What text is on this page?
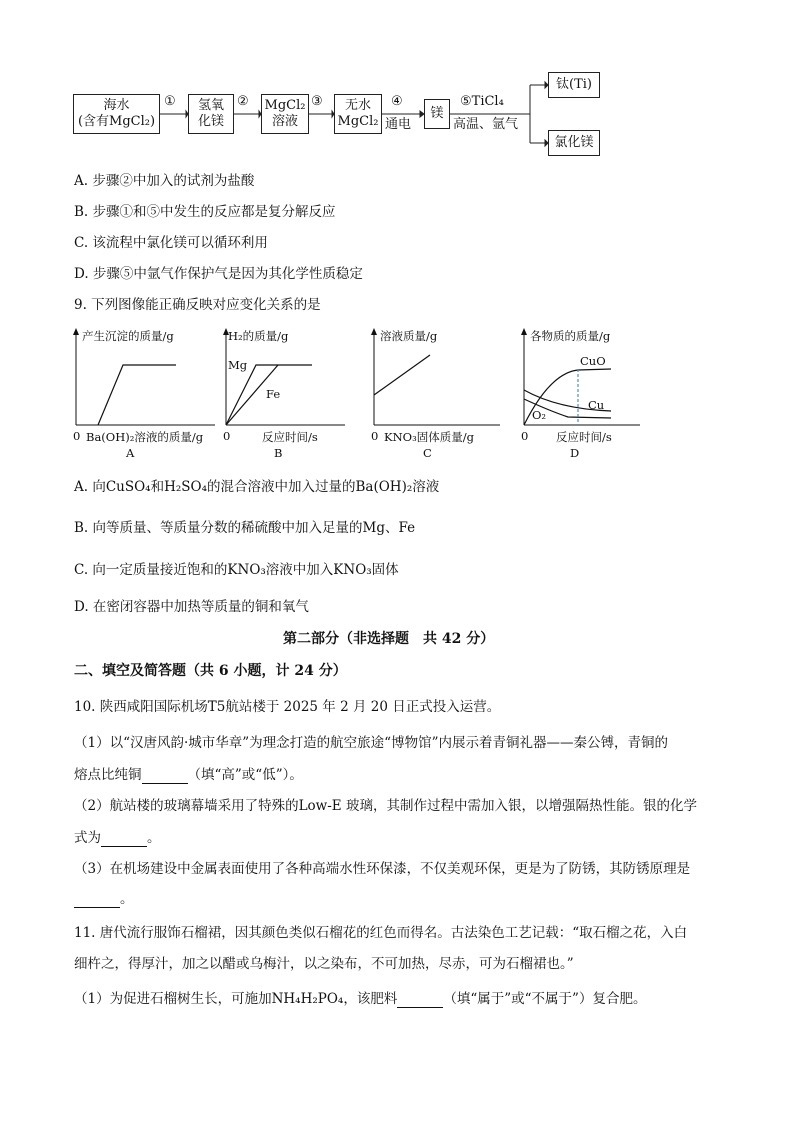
海水
(含有MgCl₂)
① 氢氧
化镁
② MgCl₂
溶液
③ 无水
MgCl₂
④
通电
镁
⑤TiCl₄
高温、氩气
钛(Ti)
氯化镁
A. 步骤②中加入的试剂为盐酸
B. 步骤①和⑤中发生的反应都是复分解反应
C. 该流程中氯化镁可以循环利用
D. 步骤⑤中氩气作保护气是因为其化学性质稳定
9. 下列图像能正确反映对应变化关系的是
产生沉淀的质量/g
0 Ba(OH)₂溶液的质量/g
A
H₂的质量/g
Mg
Fe
0	反应时间/s
B
溶液质量/g
0 KNO₃固体质量/g
C
各物质的质量/g
CuO
Cu
O₂
0 反应时间/s
D
A. 向CuSO₄和H₂SO₄的混合溶液中加入过量的Ba(OH)₂溶液
B. 向等质量、等质量分数的稀硫酸中加入足量的Mg、Fe
C. 向一定质量接近饱和的KNO₃溶液中加入KNO₃固体
D. 在密闭容器中加热等质量的铜和氧气
第二部分（非选择题　共 42 分）
二、填空及简答题（共 6 小题，计 24 分）
10. 陕西咸阳国际机场T5航站楼于 2025 年 2 月 20 日正式投入运营。
（1）以“汉唐风韵·城市华章”为理念打造的航空旅途“博物馆”内展示着青铜礼器——秦公镈，青铜的
熔点比纯铜	（填“高”或“低”）。
（2）航站楼的玻璃幕墙采用了特殊的Low-E 玻璃，其制作过程中需加入银，以增强隔热性能。银的化学
式为	。
（3）在机场建设中金属表面使用了各种高端水性环保漆，不仅美观环保，更是为了防锈，其防锈原理是
。
11. 唐代流行服饰石榴裙，因其颜色类似石榴花的红色而得名。古法染色工艺记载：“取石榴之花，入白
细杵之，得厚汁，加之以醋或乌梅汁，以之染布，不可加热，尽赤，可为石榴裙也。”
（1）为促进石榴树生长，可施加NH₄H₂PO₄，该肥料	（填“属于”或“不属于”）复合肥。
